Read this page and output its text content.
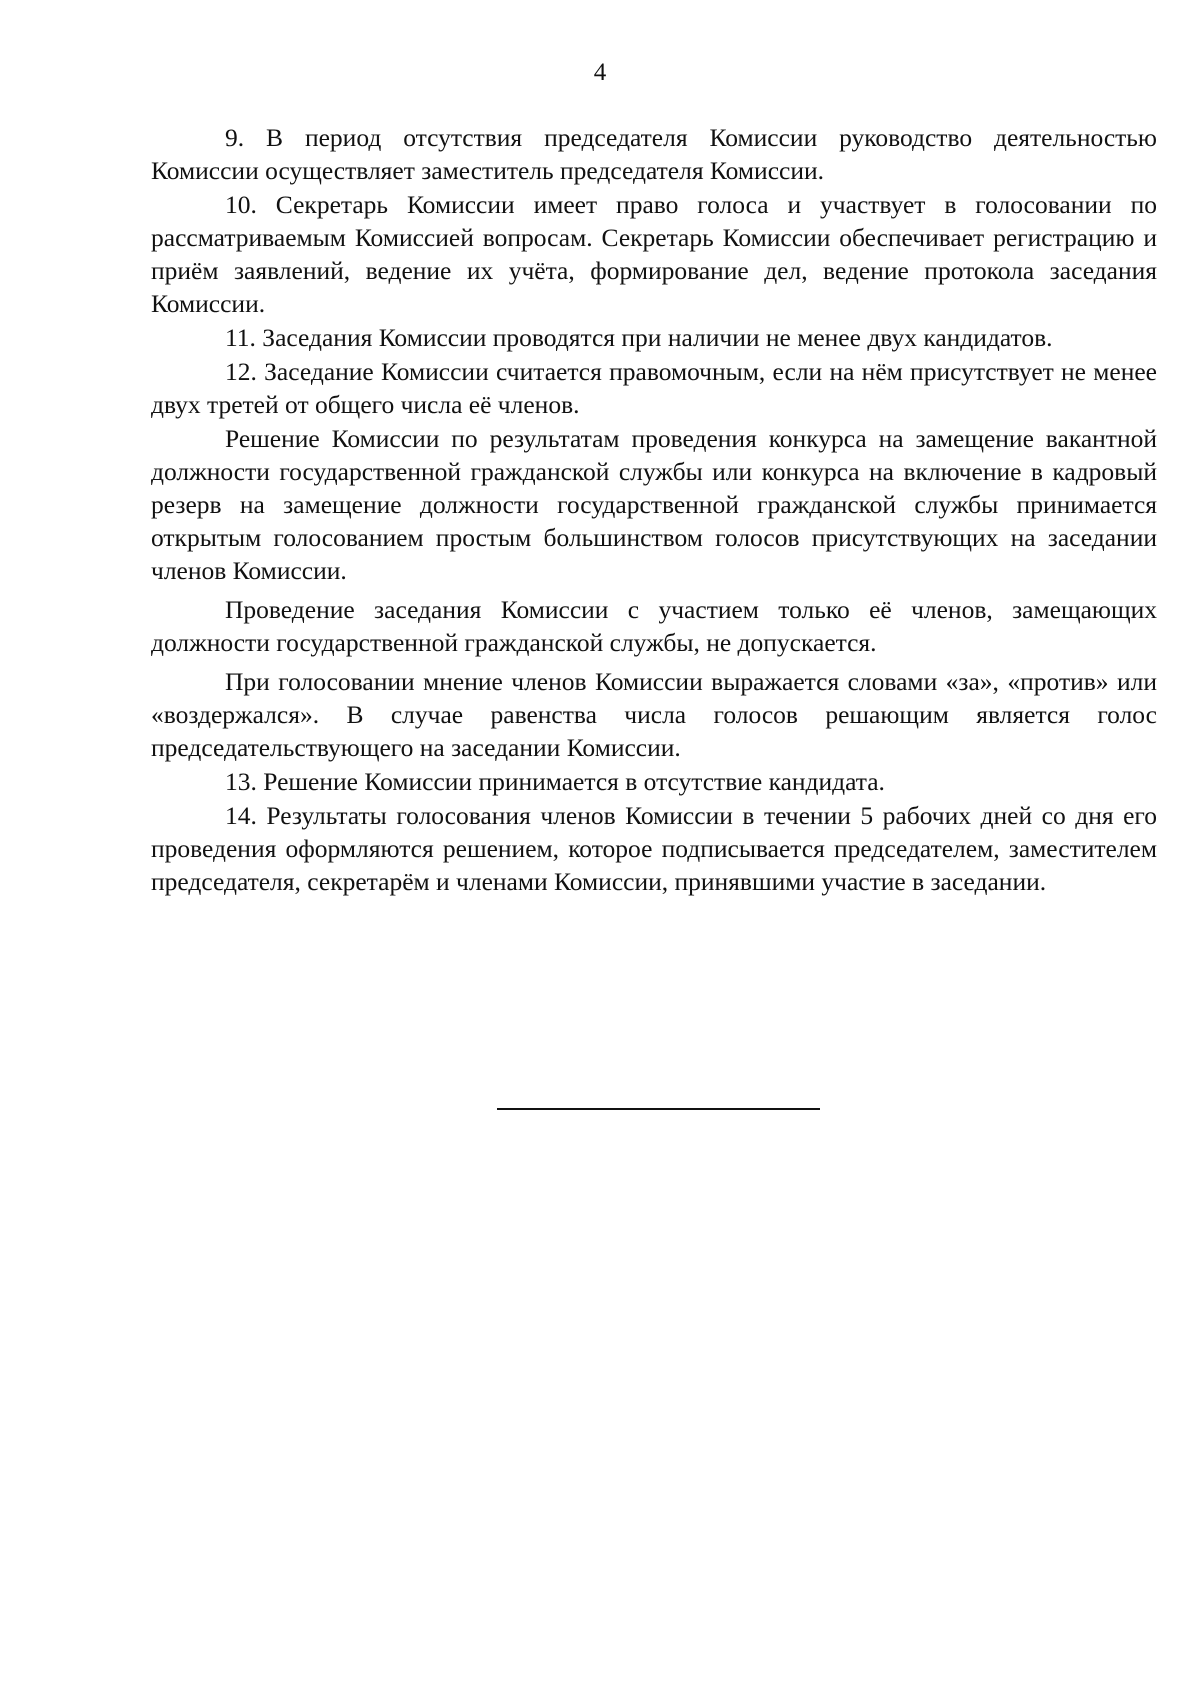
4

9. В период отсутствия председателя Комиссии руководство деятельностью Комиссии осуществляет заместитель председателя Комиссии.

10. Секретарь Комиссии имеет право голоса и участвует в голосовании по рассматриваемым Комиссией вопросам. Секретарь Комиссии обеспечивает регистрацию и приём заявлений, ведение их учёта, формирование дел, ведение протокола заседания Комиссии.

11. Заседания Комиссии проводятся при наличии не менее двух кандидатов.

12. Заседание Комиссии считается правомочным, если на нём присутствует не менее двух третей от общего числа её членов.

Решение Комиссии по результатам проведения конкурса на замещение вакантной должности государственной гражданской службы или конкурса на включение в кадровый резерв на замещение должности государственной гражданской службы принимается открытым голосованием простым большинством голосов присутствующих на заседании членов Комиссии.

Проведение заседания Комиссии с участием только её членов, замещающих должности государственной гражданской службы, не допускается.

При голосовании мнение членов Комиссии выражается словами «за», «против» или «воздержался». В случае равенства числа голосов решающим является голос председательствующего на заседании Комиссии.

13. Решение Комиссии принимается в отсутствие кандидата.

14. Результаты голосования членов Комиссии в течении 5 рабочих дней со дня его проведения оформляются решением, которое подписывается председателем, заместителем председателя, секретарём и членами Комиссии, принявшими участие в заседании.
